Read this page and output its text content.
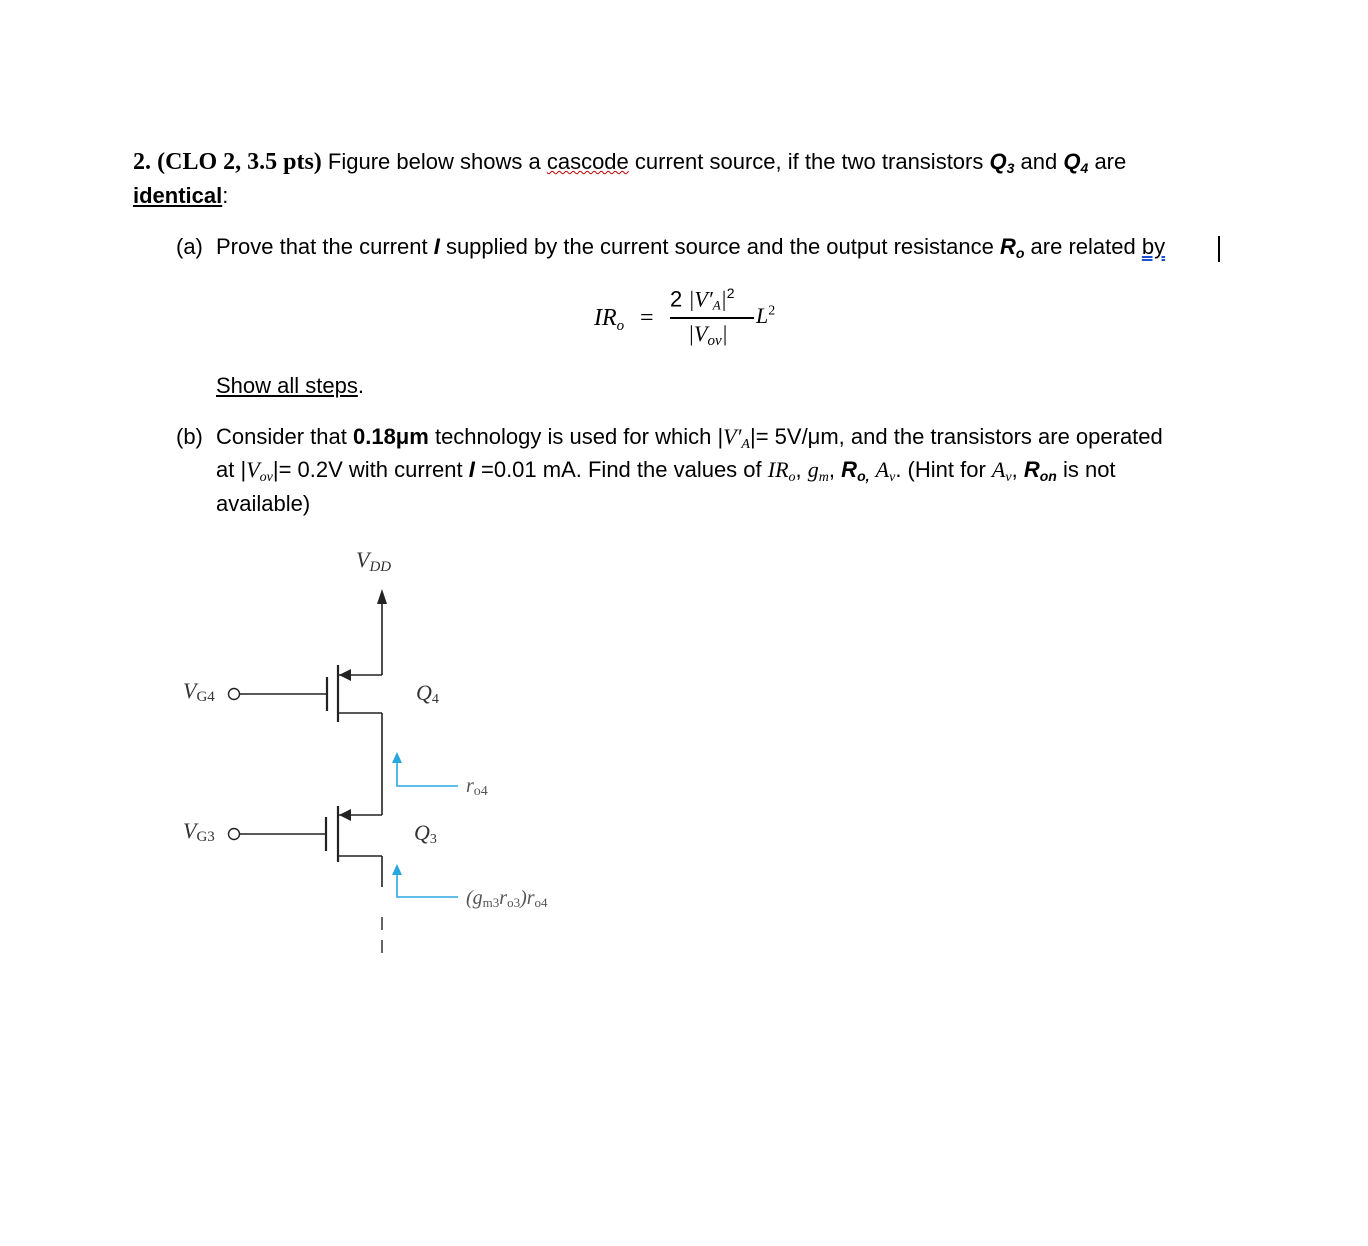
2. (CLO 2, 3.5 pts) Figure below shows a cascode current source, if the two transistors $Q_3$ and $Q_4$ are
identical:
(a) Prove that the current I supplied by the current source and the output resistance $R_o$ are related by
$IR_o$ =
2 $|V'_A|^2$
$|V_{ov}|$
$L^2$
Show all steps.
(b) Consider that 0.18μm technology is used for which $|V'_A|= 5V/\mu m$, and the transistors are operated
at $|V_{ov}|= 0.2V$ with current I =0.01 mA. Find the values of $IR_o$, $g_m$, $R_{o,}$ $A_v$. (Hint for $A_v$, $R_{on}$ is not
available)
VDD
VG4	Q4
VG3	Q3
ro4
(gm3ro3)ro4
